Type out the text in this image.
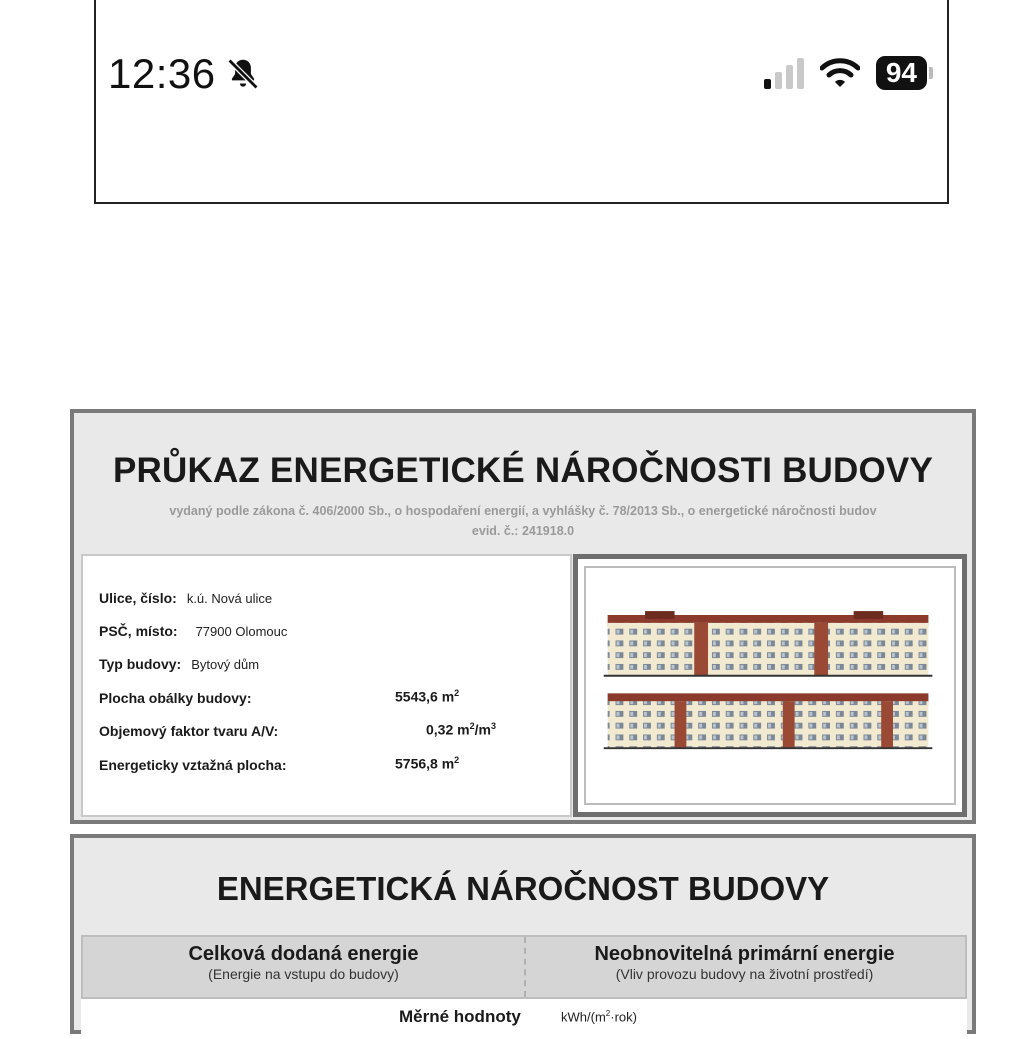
12:36	94
PRŮKAZ ENERGETICKÉ NÁROČNOSTI BUDOVY
vydaný podle zákona č. 406/2000 Sb., o hospodaření energií, a vyhlášky č. 78/2013 Sb., o energetické náročnosti budov
evid. č.: 241918.0
Ulice, číslo: k.ú. Nová ulice
PSČ, místo: 77900 Olomouc
Typ budovy: Bytový dům
Plocha obálky budovy:	5543,6 $m^2$
Objemový faktor tvaru A/V:	0,32 $m^2/m^3$
Energeticky vztažná plocha:	5756,8 $m^2$
ENERGETICKÁ NÁROČNOST BUDOVY
Celková dodaná energie
(Energie na vstupu do budovy)
Neobnovitelná primární energie
(Vliv provozu budovy na životní prostředí)
Měrné hodnoty	kWh/$(m^2\cdot rok)$
